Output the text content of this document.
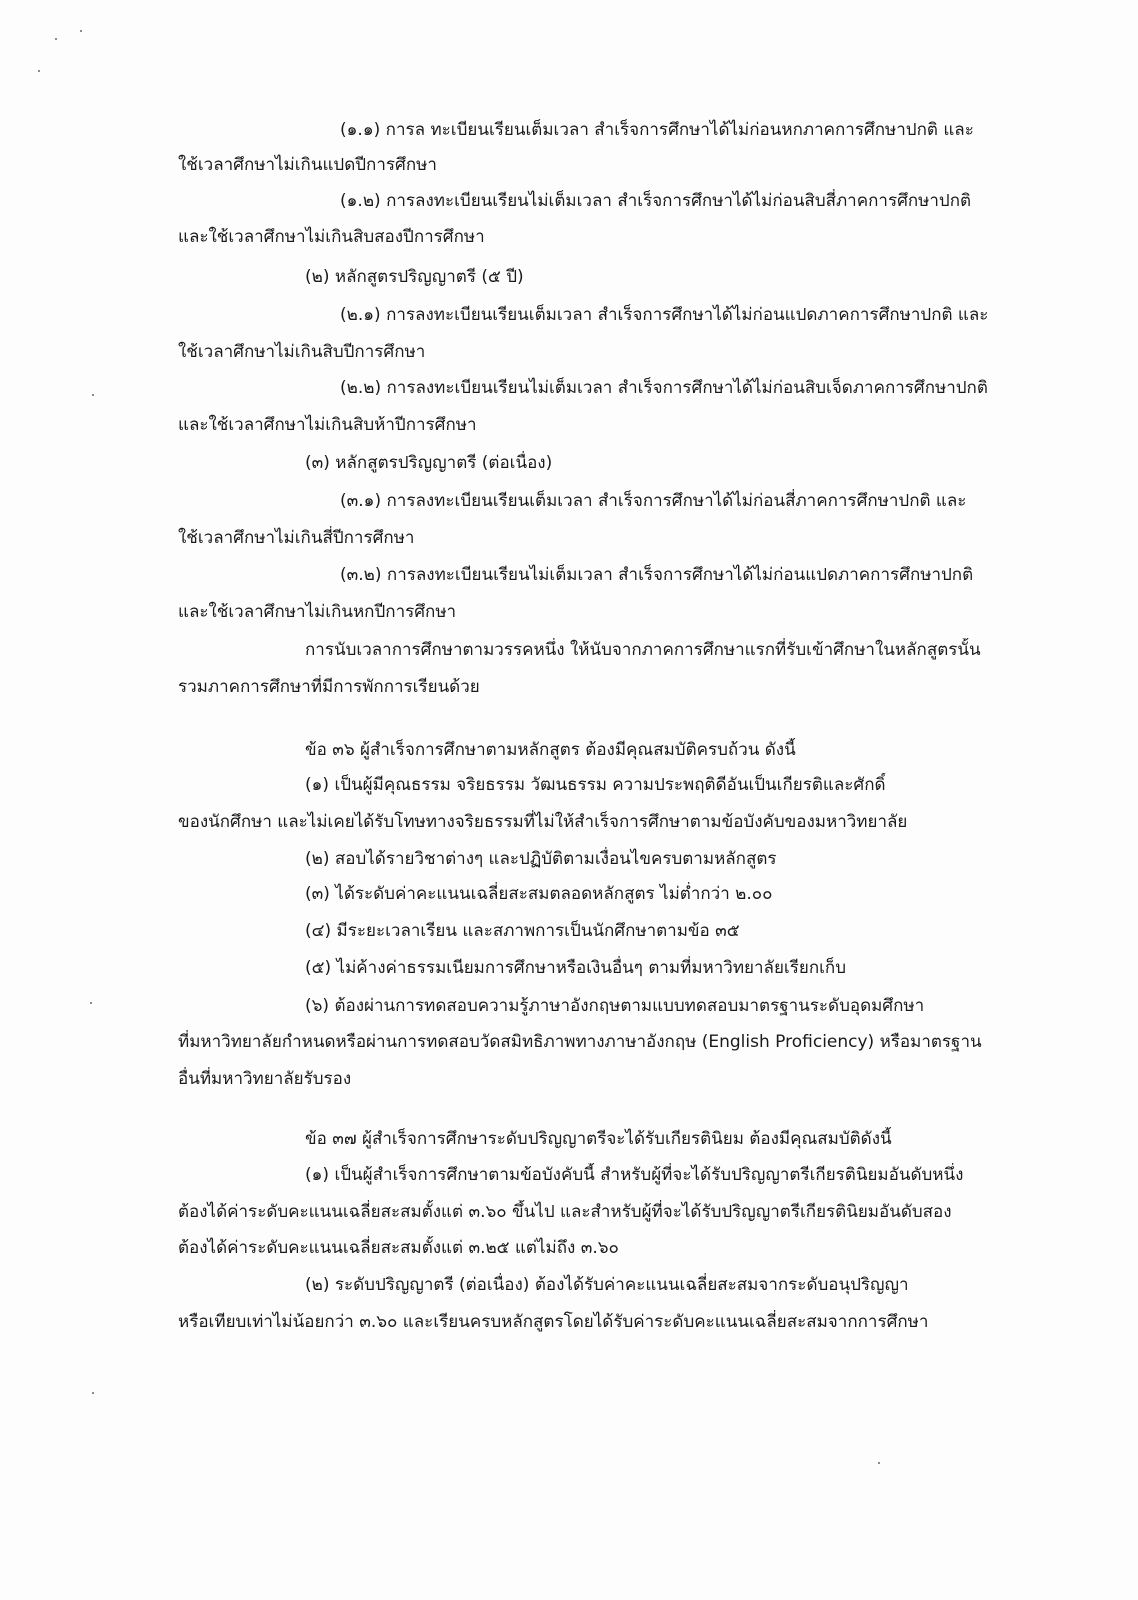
(๑.๑) การล ทะเบียนเรียนเต็มเวลา สำเร็จการศึกษาได้ไม่ก่อนหกภาคการศึกษาปกติ และ
ใช้เวลาศึกษาไม่เกินแปดปีการศึกษา
(๑.๒) การลงทะเบียนเรียนไม่เต็มเวลา สำเร็จการศึกษาได้ไม่ก่อนสิบสี่ภาคการศึกษาปกติ
และใช้เวลาศึกษาไม่เกินสิบสองปีการศึกษา
(๒) หลักสูตรปริญญาตรี (๕ ปี)
(๒.๑) การลงทะเบียนเรียนเต็มเวลา สำเร็จการศึกษาได้ไม่ก่อนแปดภาคการศึกษาปกติ และ
ใช้เวลาศึกษาไม่เกินสิบปีการศึกษา
(๒.๒) การลงทะเบียนเรียนไม่เต็มเวลา สำเร็จการศึกษาได้ไม่ก่อนสิบเจ็ดภาคการศึกษาปกติ
และใช้เวลาศึกษาไม่เกินสิบห้าปีการศึกษา
(๓) หลักสูตรปริญญาตรี (ต่อเนื่อง)
(๓.๑) การลงทะเบียนเรียนเต็มเวลา สำเร็จการศึกษาได้ไม่ก่อนสี่ภาคการศึกษาปกติ และ
ใช้เวลาศึกษาไม่เกินสี่ปีการศึกษา
(๓.๒) การลงทะเบียนเรียนไม่เต็มเวลา สำเร็จการศึกษาได้ไม่ก่อนแปดภาคการศึกษาปกติ
และใช้เวลาศึกษาไม่เกินหกปีการศึกษา
การนับเวลาการศึกษาตามวรรคหนึ่ง ให้นับจากภาคการศึกษาแรกที่รับเข้าศึกษาในหลักสูตรนั้น
รวมภาคการศึกษาที่มีการพักการเรียนด้วย
ข้อ ๓๖ ผู้สำเร็จการศึกษาตามหลักสูตร ต้องมีคุณสมบัติครบถ้วน ดังนี้
(๑) เป็นผู้มีคุณธรรม จริยธรรม วัฒนธรรม ความประพฤติดีอันเป็นเกียรติและศักดิ์
ของนักศึกษา และไม่เคยได้รับโทษทางจริยธรรมที่ไม่ให้สำเร็จการศึกษาตามข้อบังคับของมหาวิทยาลัย
(๒) สอบได้รายวิชาต่างๆ และปฏิบัติตามเงื่อนไขครบตามหลักสูตร
(๓) ได้ระดับค่าคะแนนเฉลี่ยสะสมตลอดหลักสูตร ไม่ต่ำกว่า ๒.๐๐
(๔) มีระยะเวลาเรียน และสภาพการเป็นนักศึกษาตามข้อ ๓๕
(๕) ไม่ค้างค่าธรรมเนียมการศึกษาหรือเงินอื่นๆ ตามที่มหาวิทยาลัยเรียกเก็บ
(๖) ต้องผ่านการทดสอบความรู้ภาษาอังกฤษตามแบบทดสอบมาตรฐานระดับอุดมศึกษา
ที่มหาวิทยาลัยกำหนดหรือผ่านการทดสอบวัดสมิทธิภาพทางภาษาอังกฤษ (English Proficiency) หรือมาตรฐาน
อื่นที่มหาวิทยาลัยรับรอง
ข้อ ๓๗ ผู้สำเร็จการศึกษาระดับปริญญาตรีจะได้รับเกียรตินิยม ต้องมีคุณสมบัติดังนี้
(๑) เป็นผู้สำเร็จการศึกษาตามข้อบังคับนี้ สำหรับผู้ที่จะได้รับปริญญาตรีเกียรตินิยมอันดับหนึ่ง
ต้องได้ค่าระดับคะแนนเฉลี่ยสะสมตั้งแต่ ๓.๖๐ ขึ้นไป และสำหรับผู้ที่จะได้รับปริญญาตรีเกียรตินิยมอันดับสอง
ต้องได้ค่าระดับคะแนนเฉลี่ยสะสมตั้งแต่ ๓.๒๕ แต่ไม่ถึง ๓.๖๐
(๒) ระดับปริญญาตรี (ต่อเนื่อง) ต้องได้รับค่าคะแนนเฉลี่ยสะสมจากระดับอนุปริญญา
หรือเทียบเท่าไม่น้อยกว่า ๓.๖๐ และเรียนครบหลักสูตรโดยได้รับค่าระดับคะแนนเฉลี่ยสะสมจากการศึกษา
